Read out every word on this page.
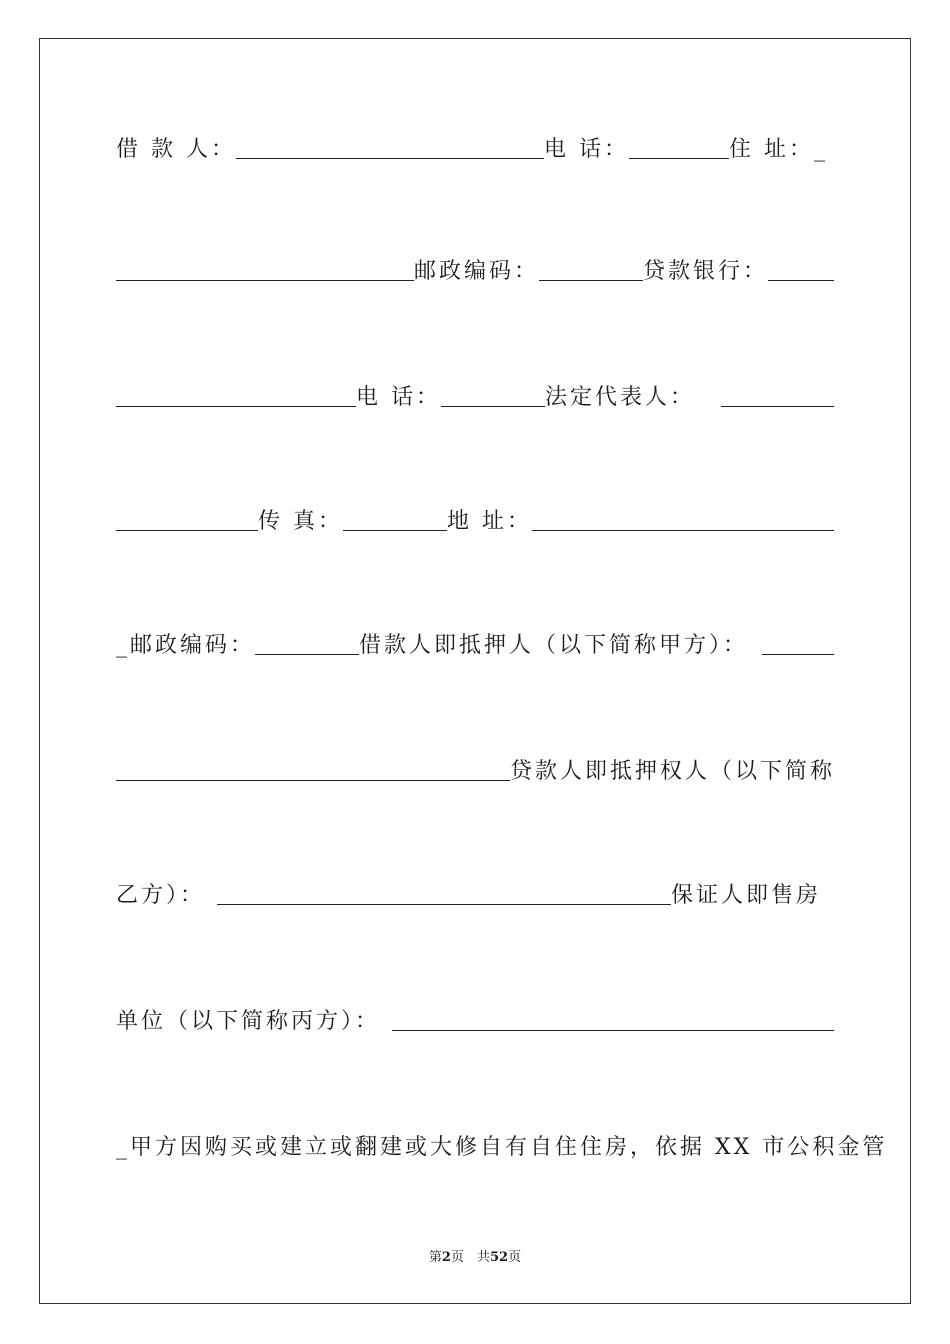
借 款 人：	电 话：	住 址： _
邮政编码：	贷款银行：
电 话：	法定代表人：
传 真：	地 址：
_邮政编码：	借款人即抵押人（以下简称甲方）：
贷款人即抵押权人（以下简称
乙方）：	保证人即售房
单位（以下简称丙方）：
_甲方因购买或建立或翻建或大修自有自住住房，依据 XX 市公积金管
第2页　共52页
